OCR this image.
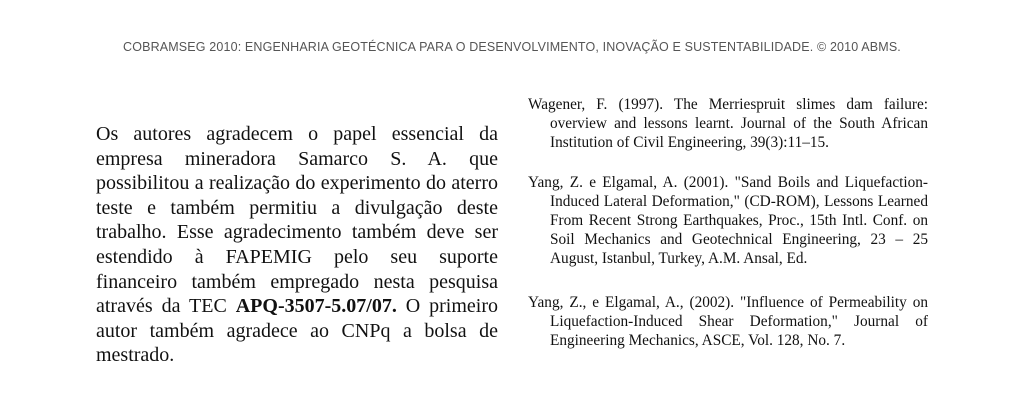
COBRAMSEG 2010: ENGENHARIA GEOTÉCNICA PARA O DESENVOLVIMENTO, INOVAÇÃO E SUSTENTABILIDADE. © 2010 ABMS.
Os autores agradecem o papel essencial da empresa mineradora Samarco S. A. que possibilitou a realização do experimento do aterro teste e também permitiu a divulgação deste trabalho. Esse agradecimento também deve ser estendido à FAPEMIG pelo seu suporte financeiro também empregado nesta pesquisa através da TEC APQ-3507-5.07/07. O primeiro autor também agradece ao CNPq a bolsa de mestrado.

Wagener, F. (1997). The Merriespruit slimes dam failure: overview and lessons learnt. Journal of the South African Institution of Civil Engineering, 39(3):11–15.

Yang, Z. e Elgamal, A. (2001). "Sand Boils and Liquefaction-Induced Lateral Deformation," (CD-ROM), Lessons Learned From Recent Strong Earthquakes, Proc., 15th Intl. Conf. on Soil Mechanics and Geotechnical Engineering, 23 – 25 August, Istanbul, Turkey, A.M. Ansal, Ed.

Yang, Z., e Elgamal, A., (2002). "Influence of Permeability on Liquefaction-Induced Shear Deformation," Journal of Engineering Mechanics, ASCE, Vol. 128, No. 7.
